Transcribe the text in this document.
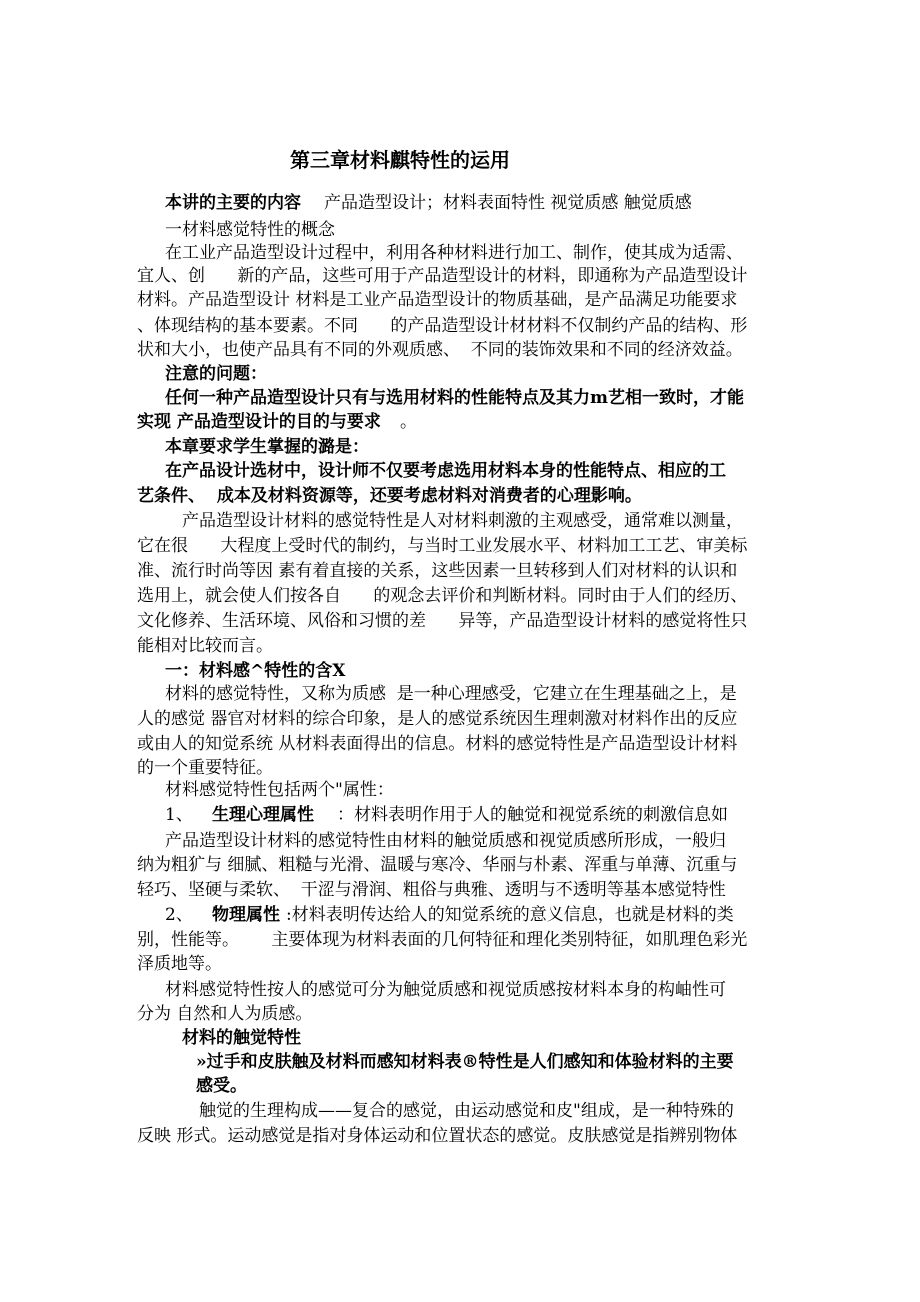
第三章材料麒特性的运用
本讲的主要的内容 产品造型设计；材料表面特性 视觉质感 触觉质感
一材料感觉特性的概念
在工业产品造型设计过程中，利用各种材料进行加工、制作，使其成为适需、
宜人、创      新的产品，这些可用于产品造型设计的材料，即通称为产品造型设计
材料。产品造型设计 材料是工业产品造型设计的物质基础，是产品满足功能要求
、体现结构的基本要素。不同      的产品造型设计材材料不仅制约产品的结构、形
状和大小，也使产品具有不同的外观质感、  不同的装饰效果和不同的经济效益。
注意的问题：
任何一种产品造型设计只有与选用材料的性能特点及其力m艺相一致时，才能
实现 产品造型设计的目的与要求 。
本章要求学生掌握的潞是：
在产品设计选材中，设计师不仅要考虑选用材料本身的性能特点、相应的工
艺条件、  成本及材料资源等，还要考虑材料对消费者的心理影响。
产品造型设计材料的感觉特性是人对材料刺激的主观感受，通常难以测量，
它在很      大程度上受时代的制约，与当时工业发展水平、材料加工工艺、审美标
准、流行时尚等因 素有着直接的关系，这些因素一旦转移到人们对材料的认识和
选用上，就会使人们按各自      的观念去评价和判断材料。同时由于人们的经历、
文化修养、生活环境、风俗和习惯的差      异等，产品造型设计材料的感觉将性只
能相对比较而言。
一：材料感^特性的含X
材料的感觉特性，又称为质感  是一种心理感受，它建立在生理基础之上，是
人的感觉 器官对材料的综合印象，是人的感觉系统因生理刺激对材料作出的反应
或由人的知觉系统 从材料表面得出的信息。材料的感觉特性是产品造型设计材料
的一个重要特征。
材料感觉特性包括两个"属性：
1、 生理心理属性 ：材料表明作用于人的触觉和视觉系统的刺激信息如
产品造型设计材料的感觉特性由材料的触觉质感和视觉质感所形成，一般归
纳为粗犷与 细腻、粗糙与光滑、温暖与寒冷、华丽与朴素、浑重与单薄、沉重与
轻巧、坚硬与柔软、  干涩与滑润、粗俗与典雅、透明与不透明等基本感觉特性
2、 物理属性 :材料表明传达给人的知觉系统的意义信息，也就是材料的类
别，性能等。      主要体现为材料表面的几何特征和理化类别特征，如肌理色彩光
泽质地等。
材料感觉特性按人的感觉可分为触觉质感和视觉质感按材料本身的构岫性可
分为 自然和人为质感。
材料的触觉特性
»过手和皮肤触及材料而感知材料表®特性是人们感知和体验材料的主要
感受。
触觉的生理构成——复合的感觉，由运动感觉和皮"组成，是一种特殊的
反映 形式。运动感觉是指对身体运动和位置状态的感觉。皮肤感觉是指辨别物体
